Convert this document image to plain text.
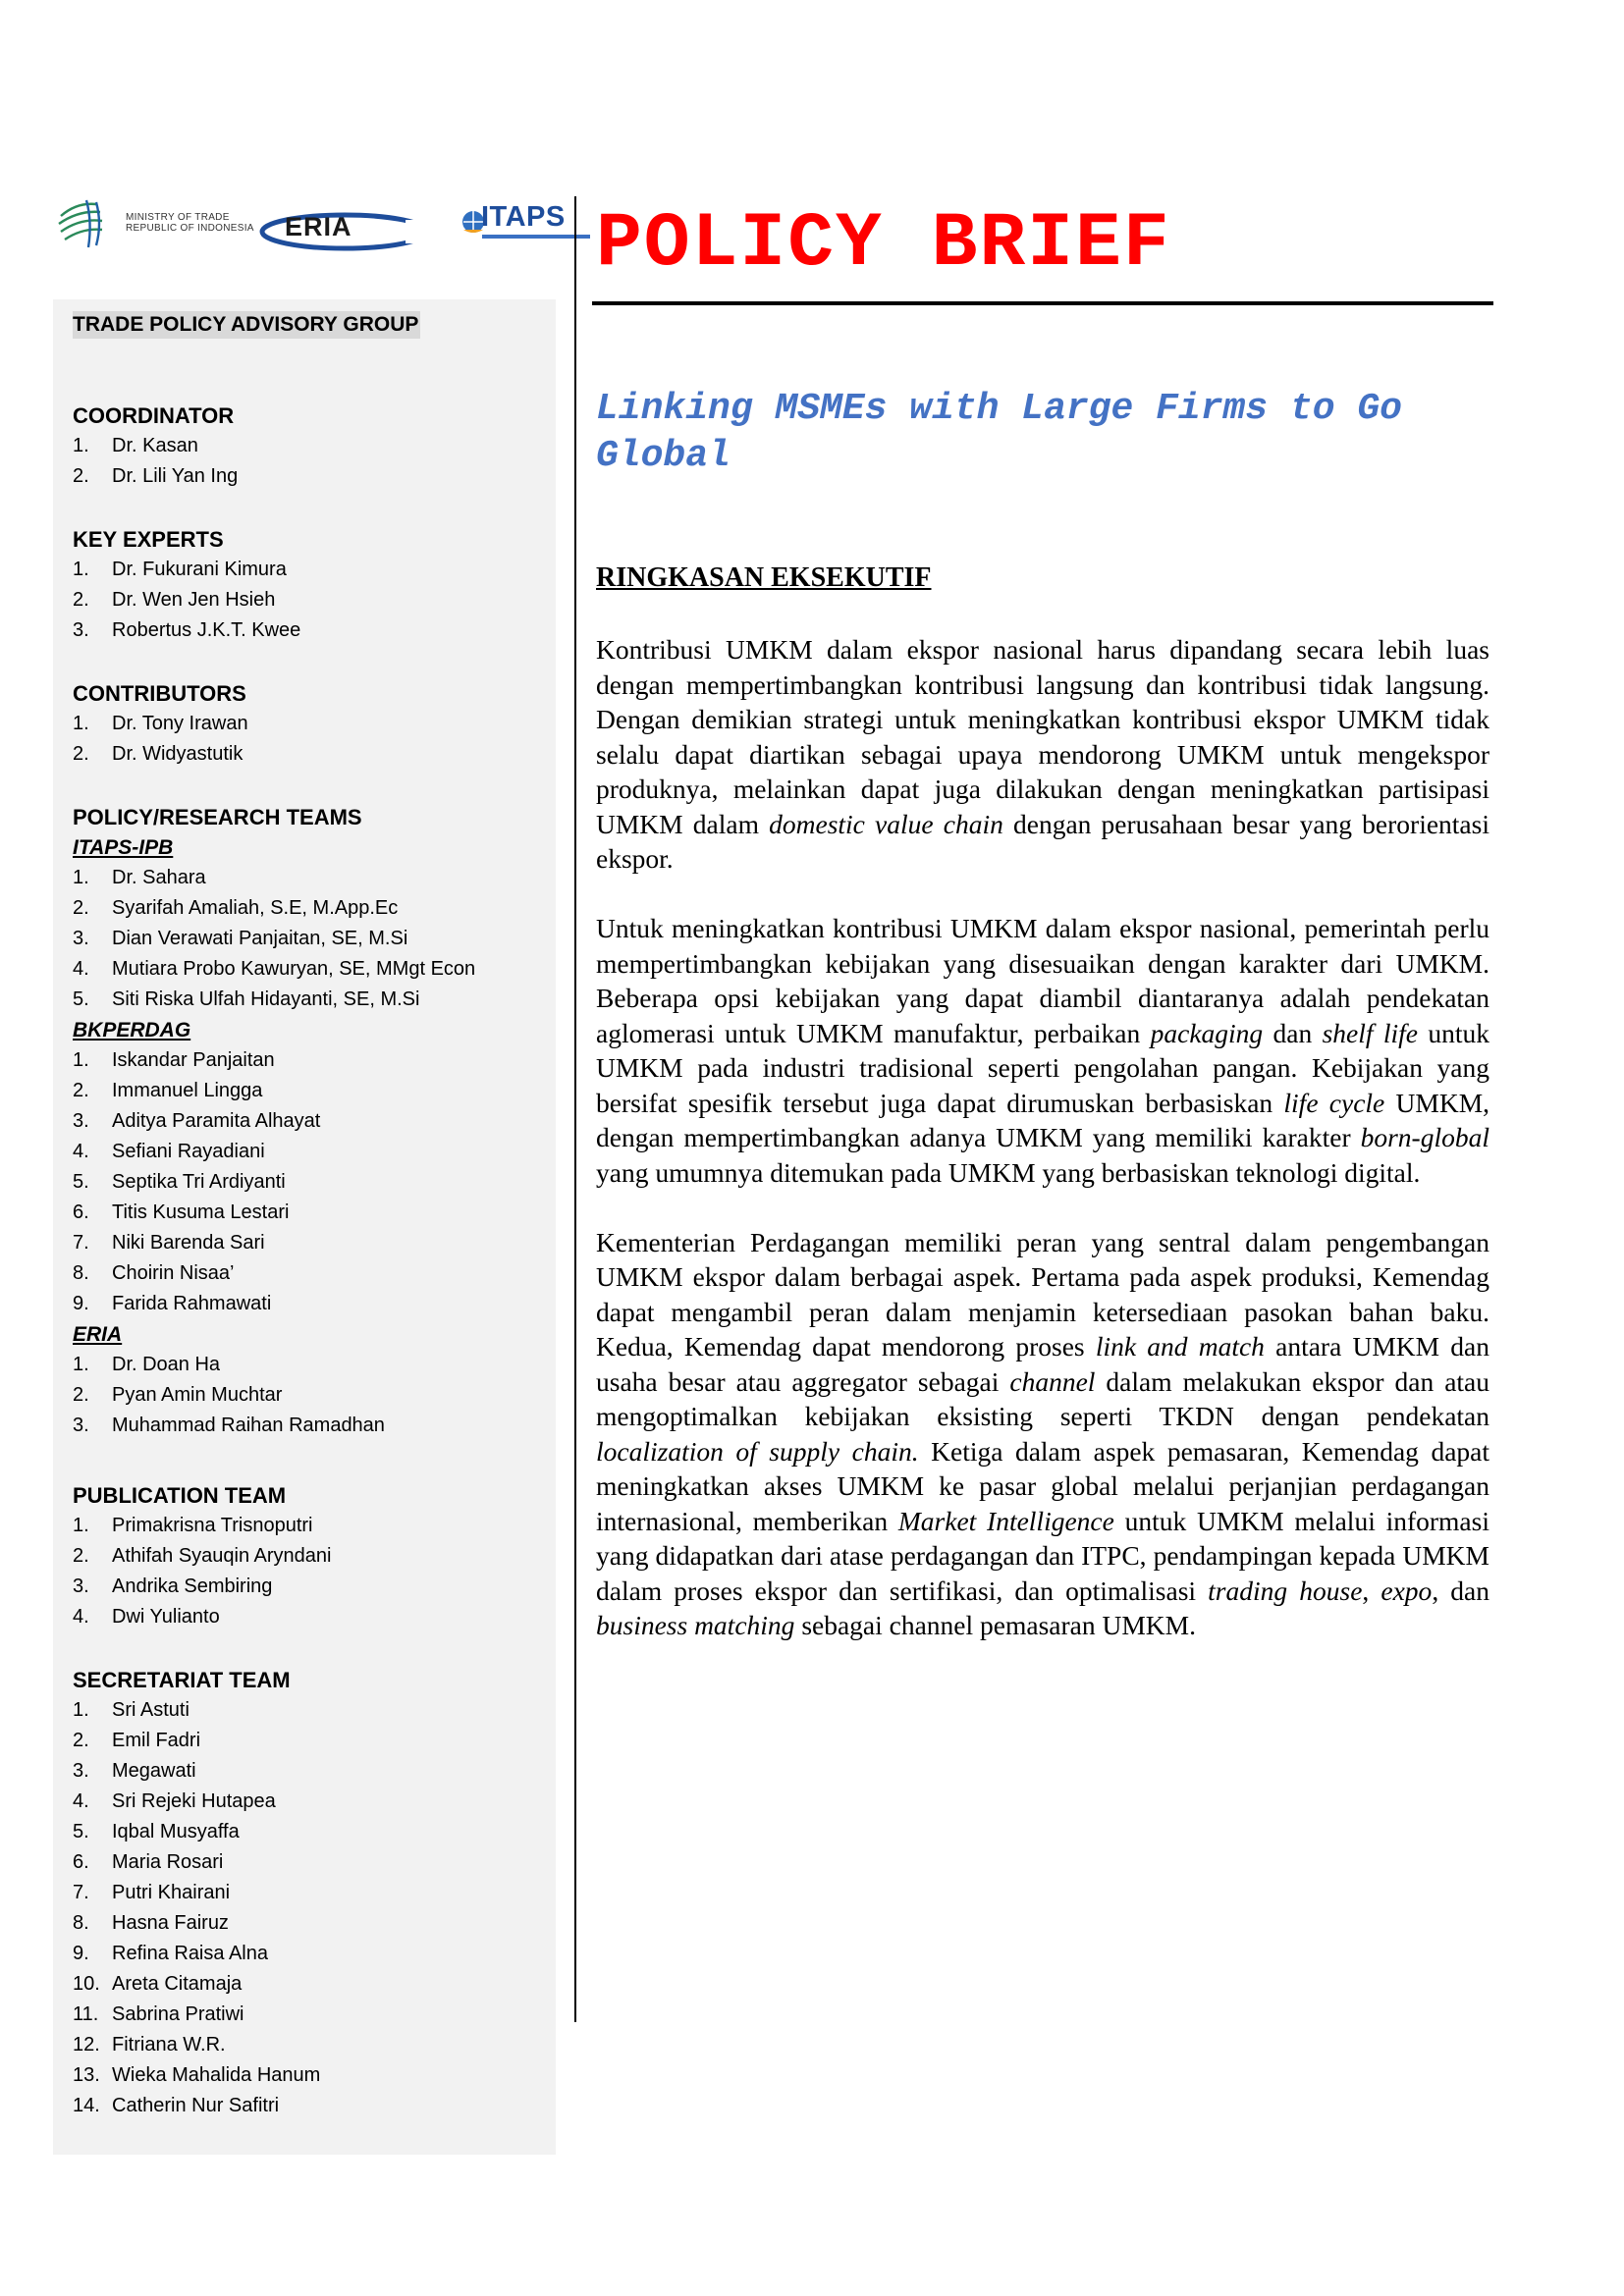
MINISTRY OF TRADE
REPUBLIC OF INDONESIA ERIA	ITAPS
TRADE POLICY ADVISORY GROUP
COORDINATOR
1. Dr. Kasan
2. Dr. Lili Yan Ing
KEY EXPERTS
1. Dr. Fukurani Kimura
2. Dr. Wen Jen Hsieh
3. Robertus J.K.T. Kwee
CONTRIBUTORS
1. Dr. Tony Irawan
2. Dr. Widyastutik
POLICY/RESEARCH TEAMS
ITAPS-IPB
1. Dr. Sahara
2. Syarifah Amaliah, S.E, M.App.Ec
3. Dian Verawati Panjaitan, SE, M.Si
4. Mutiara Probo Kawuryan, SE, MMgt Econ
5. Siti Riska Ulfah Hidayanti, SE, M.Si
BKPERDAG
1. Iskandar Panjaitan
2. Immanuel Lingga
3. Aditya Paramita Alhayat
4. Sefiani Rayadiani
5. Septika Tri Ardiyanti
6. Titis Kusuma Lestari
7. Niki Barenda Sari
8. Choirin Nisaa’
9. Farida Rahmawati
ERIA
1. Dr. Doan Ha
2. Pyan Amin Muchtar
3. Muhammad Raihan Ramadhan
PUBLICATION TEAM
1. Primakrisna Trisnoputri
2. Athifah Syauqin Aryndani
3. Andrika Sembiring
4. Dwi Yulianto
SECRETARIAT TEAM
1. Sri Astuti
2. Emil Fadri
3. Megawati
4. Sri Rejeki Hutapea
5. Iqbal Musyaffa
6. Maria Rosari
7. Putri Khairani
8. Hasna Fairuz
9. Refina Raisa Alna
10. Areta Citamaja
11. Sabrina Pratiwi
12. Fitriana W.R.
13. Wieka Mahalida Hanum
14. Catherin Nur Safitri
POLICY BRIEF
Linking MSMEs with Large Firms to Go Global
RINGKASAN EKSEKUTIF

Kontribusi UMKM dalam ekspor nasional harus dipandang secara lebih luas dengan mempertimbangkan kontribusi langsung dan kontribusi tidak langsung. Dengan demikian strategi untuk meningkatkan kontribusi ekspor UMKM tidak selalu dapat diartikan sebagai upaya mendorong UMKM untuk mengekspor produknya, melainkan dapat juga dilakukan dengan meningkatkan partisipasi UMKM dalam domestic value chain dengan perusahaan besar yang berorientasi ekspor.

Untuk meningkatkan kontribusi UMKM dalam ekspor nasional, pemerintah perlu mempertimbangkan kebijakan yang disesuaikan dengan karakter dari UMKM. Beberapa opsi kebijakan yang dapat diambil diantaranya adalah pendekatan aglomerasi untuk UMKM manufaktur, perbaikan packaging dan shelf life untuk UMKM pada industri tradisional seperti pengolahan pangan. Kebijakan yang bersifat spesifik tersebut juga dapat dirumuskan berbasiskan life cycle UMKM, dengan mempertimbangkan adanya UMKM yang memiliki karakter born-global yang umumnya ditemukan pada UMKM yang berbasiskan teknologi digital.

Kementerian Perdagangan memiliki peran yang sentral dalam pengembangan UMKM ekspor dalam berbagai aspek. Pertama pada aspek produksi, Kemendag dapat mengambil peran dalam menjamin ketersediaan pasokan bahan baku. Kedua, Kemendag dapat mendorong proses link and match antara UMKM dan usaha besar atau aggregator sebagai channel dalam melakukan ekspor dan atau mengoptimalkan kebijakan eksisting seperti TKDN dengan pendekatan localization of supply chain. Ketiga dalam aspek pemasaran, Kemendag dapat meningkatkan akses UMKM ke pasar global melalui perjanjian perdagangan internasional, memberikan Market Intelligence untuk UMKM melalui informasi yang didapatkan dari atase perdagangan dan ITPC, pendampingan kepada UMKM dalam proses ekspor dan sertifikasi, dan optimalisasi trading house, expo, dan business matching sebagai channel pemasaran UMKM.
